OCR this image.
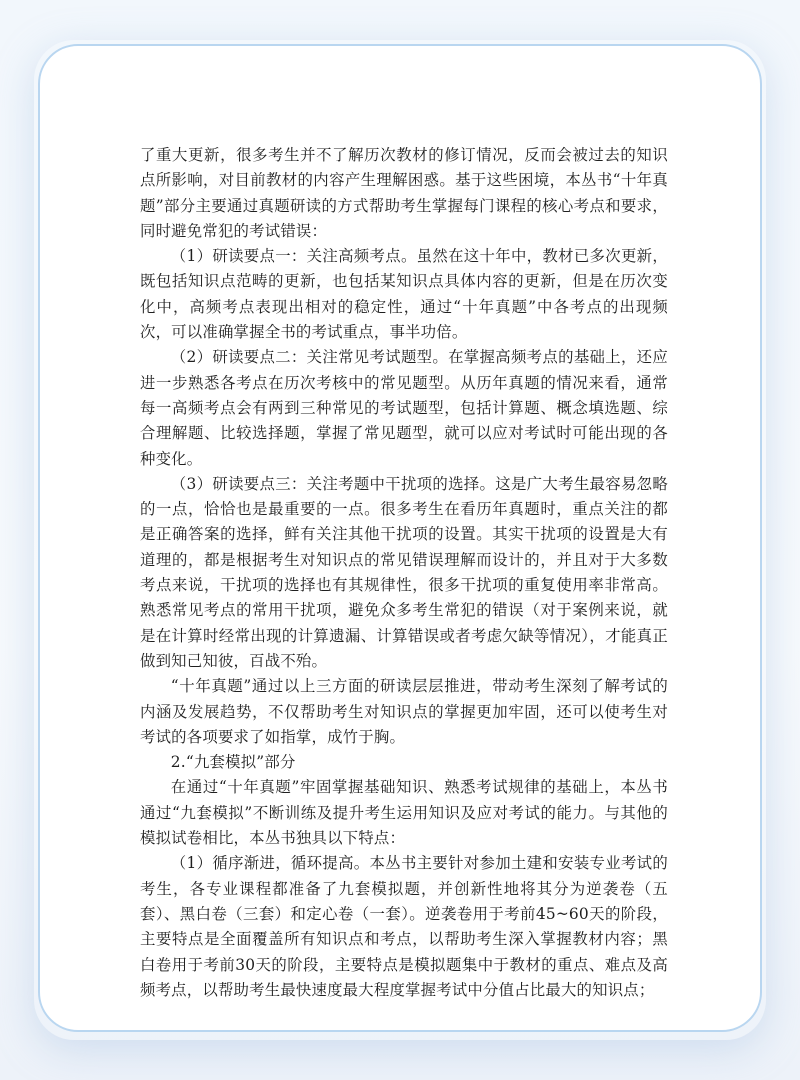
了重大更新，很多考生并不了解历次教材的修订情况，反而会被过去的知识点所影响，对目前教材的内容产生理解困惑。基于这些困境，本丛书“十年真题”部分主要通过真题研读的方式帮助考生掌握每门课程的核心考点和要求，同时避免常犯的考试错误：

（1）研读要点一：关注高频考点。虽然在这十年中，教材已多次更新，既包括知识点范畴的更新，也包括某知识点具体内容的更新，但是在历次变化中，高频考点表现出相对的稳定性，通过“十年真题”中各考点的出现频次，可以准确掌握全书的考试重点，事半功倍。

（2）研读要点二：关注常见考试题型。在掌握高频考点的基础上，还应进一步熟悉各考点在历次考核中的常见题型。从历年真题的情况来看，通常每一高频考点会有两到三种常见的考试题型，包括计算题、概念填选题、综合理解题、比较选择题，掌握了常见题型，就可以应对考试时可能出现的各种变化。

（3）研读要点三：关注考题中干扰项的选择。这是广大考生最容易忽略的一点，恰恰也是最重要的一点。很多考生在看历年真题时，重点关注的都是正确答案的选择，鲜有关注其他干扰项的设置。其实干扰项的设置是大有道理的，都是根据考生对知识点的常见错误理解而设计的，并且对于大多数考点来说，干扰项的选择也有其规律性，很多干扰项的重复使用率非常高。熟悉常见考点的常用干扰项，避免众多考生常犯的错误（对于案例来说，就是在计算时经常出现的计算遗漏、计算错误或者考虑欠缺等情况），才能真正做到知己知彼，百战不殆。

“十年真题”通过以上三方面的研读层层推进，带动考生深刻了解考试的内涵及发展趋势，不仅帮助考生对知识点的掌握更加牢固，还可以使考生对考试的各项要求了如指掌，成竹于胸。

2.“九套模拟”部分

在通过“十年真题”牢固掌握基础知识、熟悉考试规律的基础上，本丛书通过“九套模拟”不断训练及提升考生运用知识及应对考试的能力。与其他的模拟试卷相比，本丛书独具以下特点：

（1）循序渐进，循环提高。本丛书主要针对参加土建和安装专业考试的考生，各专业课程都准备了九套模拟题，并创新性地将其分为逆袭卷（五套）、黑白卷（三套）和定心卷（一套）。逆袭卷用于考前45~60天的阶段，主要特点是全面覆盖所有知识点和考点，以帮助考生深入掌握教材内容；黑白卷用于考前30天的阶段，主要特点是模拟题集中于教材的重点、难点及高频考点，以帮助考生最快速度最大程度掌握考试中分值占比最大的知识点；
